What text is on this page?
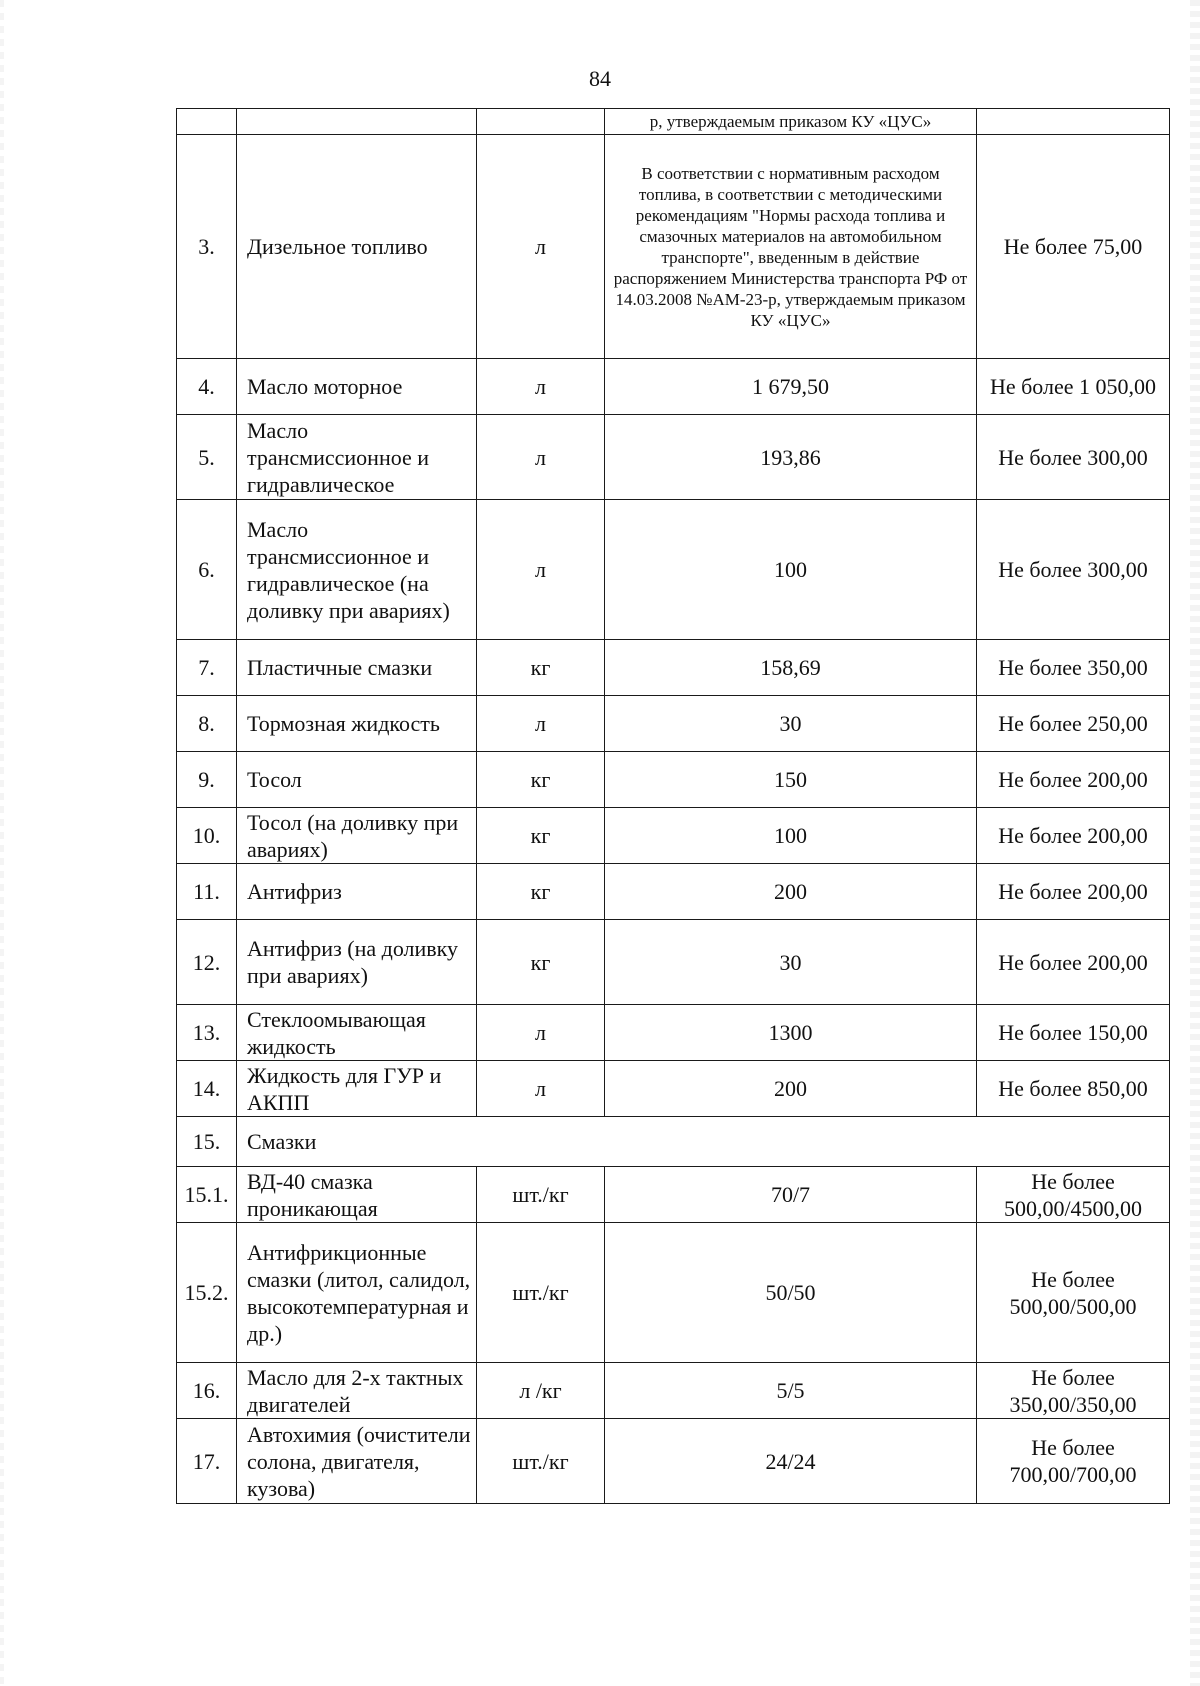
84
			р, утверждаемым приказом КУ «ЦУС»	
3.	Дизельное топливо	л	В соответствии с нормативным расходом топлива, в соответствии с методическими рекомендациям "Нормы расхода топлива и смазочных материалов на автомобильном транспорте", введенным в действие распоряжением Министерства транспорта РФ от 14.03.2008 №АМ-23-р, утверждаемым приказом КУ «ЦУС»	Не более 75,00
4.	Масло моторное	л	1 679,50	Не более 1 050,00
5.	Масло трансмиссионное и гидравлическое	л	193,86	Не более 300,00
6.	Масло трансмиссионное и гидравлическое (на доливку при авариях)	л	100	Не более 300,00
7.	Пластичные смазки	кг	158,69	Не более 350,00
8.	Тормозная жидкость	л	30	Не более 250,00
9.	Тосол	кг	150	Не более 200,00
10.	Тосол (на доливку при авариях)	кг	100	Не более 200,00
11.	Антифриз	кг	200	Не более 200,00
12.	Антифриз (на доливку при авариях)	кг	30	Не более 200,00
13.	Стеклоомывающая жидкость	л	1300	Не более 150,00
14.	Жидкость для ГУР и АКПП	л	200	Не более 850,00
15.	Смазки			
15.1.	ВД-40 смазка проникающая	шт./кг	70/7	Не более 500,00/4500,00
15.2.	Антифрикционные смазки (литол, салидол, высокотемпературная и др.)	шт./кг	50/50	Не более 500,00/500,00
16.	Масло для 2-х тактных двигателей	л /кг	5/5	Не более 350,00/350,00
17.	Автохимия (очистители солона, двигателя, кузова)	шт./кг	24/24	Не более 700,00/700,00
